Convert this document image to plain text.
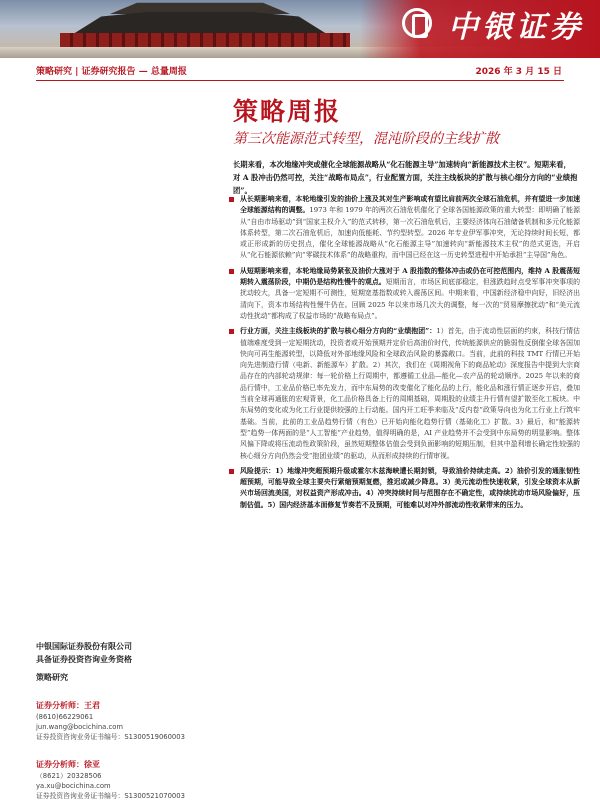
中银证券
策略研究 | 证券研究报告 — 总量周报	2026 年 3 月 15 日
策略周报
第三次能源范式转型，混沌阶段的主线扩散
长期来看，本次地缘冲突或催化全球能源战略从“化石能源主导”加速转向“新能源技术主权”。短期来看，对 A 股冲击仍然可控，关注“战略布局点”，行业配置方面，关注主线板块的扩散与核心细分方向的“业绩抱团”。
从长期影响来看，本轮地缘引发的油价上涨及其对生产影响或有望比肩前两次全球石油危机，并有望进一步加速全球能源结构的调整。1973 年和 1979 年的两次石油危机催化了全球各国能源政策的重大转型：即明确了能源从“自由市场驱动”到“国家主权介入”的范式转移，第一次石油危机后，主要经济体向石油储备机制和多元化能源体系转型，第二次石油危机后，加速向低能耗、节约型转型。2026 年专业伊军事冲突，无论持续时间长短，都或正形成新的历史拐点，催化全球能源战略从“化石能源主导”加速转向“新能源技术主权”的范式更迭，开启从“化石能源依赖”向“零碳技术体系”的战略重构，而中国已经在这一历史转型进程中开始承担“主导国”角色。
从短期影响来看，本轮地缘局势紧张及油价大涨对于 A 股指数的整体冲击或仍在可控范围内，维持 A 股震荡短期转入震荡阶段，中期仍是结构性慢牛的观点。短期而言，市场区间底部稳定，但涨跌趋时点受军事冲突事项的扰动较大，具备一定短期不可测性，短期宽基指数或转入震荡区间。中期来看，中国新经济稳中向好，旧经济出清向下，资本市场结构性慢牛仍在。回顾 2025 年以来市场几次大的调整，每一次的“贸易摩擦扰动”和“美元流动性扰动”都构成了权益市场的“战略布局点”。
行业方面，关注主线板块的扩散与核心细分方向的“业绩抱团”：1）首先，由于流动性层面的约束，科技行情估值端难度受到一定短期扰动，投资者或开始预期并定价后高油价时代，传统能源供应的脆弱性反倒催全球各国加快向可再生能源转型，以降低对外部地缘风险和全球政治风险的暴露敞口。当前，此前的科技 TMT 行情已开始向先进制造行情（电新、新能源车）扩散。2）其次，我们在《周期视角下的商品轮动》深度报告中提到大宗商品存在的内部轮动规律：每一轮价格上行周期中，都遵循工业品—能化—农产品的轮动顺序。2025 年以来的商品行情中，工业品价格已率先发力，而中东局势的改变催化了能化品的上行，能化品和涨行情正逐步开启，叠加当前全球再通胀的宏观背景，化工品价格具备上行的周期基础，周期股的业绩主升行情有望扩散至化工板块。中东局势的变化或为化工行业提供较强的上行动能。国内开工旺季来临及“反内卷”政策导向也为化工行业上行筑牢基础。当前，此前的工业品趋势行情（有色）已开始向能化趋势行情（基础化工）扩散。3）最后，和“能源转型”趋势一体两面的是“人工智能”产业趋势，值得明确的是，AI 产业趋势并不会受到中东局势的明显影响。整体风偏下降或将压流动性政策阶段，虽然短期整体估值会受到负面影响的短期压制，但其中盈利增长确定性较强的核心细分方向仍然会受“抱团业绩”的驱动，从而形成持续的行情审视。
风险提示：1）地缘冲突超预期升级或霍尔木兹海峡遭长期封锁，导致油价持续走高。2）油价引发的通胀韧性超预期，可能导致全球主要央行紧缩预期复燃，推迟或减少降息。3）美元流动性快速收紧，引发全球资本从新兴市场回流美国，对权益资产形成冲击。4）冲突持续时间与范围存在不确定性，或持续扰动市场风险偏好，压制估值。5）国内经济基本面修复节奏若不及预期，可能难以对冲外部流动性收紧带来的压力。
中银国际证券股份有限公司
具备证券投资咨询业务资格
策略研究
证券分析师：王君
(8610)66229061
jun.wang@bocichina.com
证券投资咨询业务证书编号：S1300519060003
证券分析师：徐亚
（8621）20328506
ya.xu@bocichina.com
证券投资咨询业务证书编号：S1300521070003
